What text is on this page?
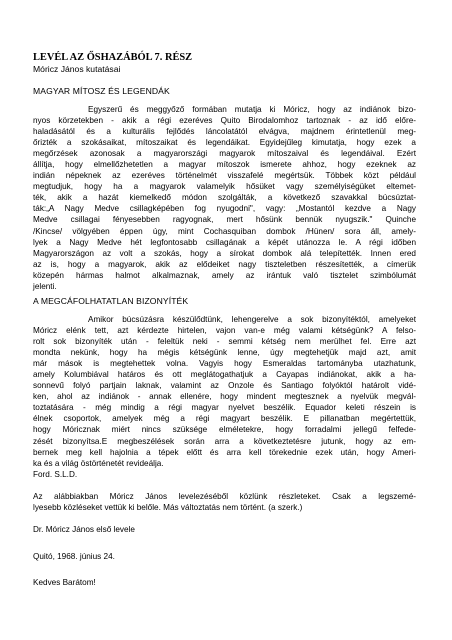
LEVÉL AZ ŐSHAZÁBÓL 7. RÉSZ
Móricz János kutatásai
MAGYAR MÍTOSZ ÉS LEGENDÁK
Egyszerű és meggyőző formában mutatja ki Móricz, hogy az indiánok bizo-
nyos körzetekben - akik a régi ezeréves Quito Birodalomhoz tartoznak - az idő előre-
haladásától és a kulturális fejlődés láncolatától elvágva, majdnem érintetlenül meg-
őrizték a szokásaikat, mítoszaikat és legendáikat. Egyidejűleg kimutatja, hogy ezek a
megőrzések azonosak a magyarországi magyarok mítoszaival és legendáival. Ezért
állítja, hogy elmellőzhetetlen a magyar mítoszok ismerete ahhoz, hogy ezeknek az
indián népeknek az ezeréves történelmét visszafelé megértsük. Többek közt például
megtudjuk, hogy ha a magyarok valamelyik hősüket vagy személyiségüket eltemet-
ték, akik a hazát kiemelkedő módon szolgálták, a következő szavakkal búcsúztat-
ták:„A Nagy Medve csillagképében fog nyugodni", vagy: „Mostantól kezdve a Nagy
Medve csillagai fényesebben ragyognak, mert hősünk bennük nyugszik." Quinche
/Kincse/ völgyében éppen úgy, mint Cochasquiban dombok /Hünen/ sora áll, amely-
lyek a Nagy Medve hét legfontosabb csillagának a képét utánozza le. A régi időben
Magyarországon az volt a szokás, hogy a sírokat dombok alá telepítették. Innen ered
az is, hogy a magyarok, akik az elődeiket nagy tiszteletben részesítették, a címerük
közepén hármas halmot alkalmaznak, amely az irántuk való tisztelet szimbólumát
jelenti.
A MEGCÁFOLHATATLAN BIZONYÍTÉK
Amikor búcsúzásra készülődtünk, lehengerelve a sok bizonyítéktól, amelyeket
Móricz elénk tett, azt kérdezte hirtelen, vajon van-e még valami kétségünk? A felso-
rolt sok bizonyíték után - feleltük neki - semmi kétség nem merülhet fel. Erre azt
mondta nekünk, hogy ha mégis kétségünk lenne, úgy megtehetjük majd azt, amit
már mások is megtehettek volna. Vagyis hogy Esmeraldas tartományba utazhatunk,
amely Kolumbiával határos és ott meglátogathatjuk a Cayapas indiánokat, akik a ha-
sonnevű folyó partjain laknak, valamint az Onzole és Santiago folyóktól határolt vidé-
ken, ahol az indiánok - annak ellenére, hogy mindent megtesznek a nyelvük megvál-
toztatására - még mindig a régi magyar nyelvet beszélik. Equador keleti részein is
élnek csoportok, amelyek még a régi magyart beszélik. E pillanatban megértettük,
hogy Móricznak miért nincs szüksége elméletekre, hogy forradalmi jellegű felfede-
zését bizonyítsa.E megbeszélések során arra a következtetésre jutunk, hogy az em-
bernek meg kell hajolnia a tépek előtt és arra kell törekednie ezek után, hogy Ameri-
ka és a világ östörténetét revideálja.
Ford. S.L.D.
Az alábbiakban Móricz János levelezéséből közlünk részleteket. Csak a legszemé-
lyesebb közléseket vettük ki belőle. Más változtatás nem történt. (a szerk.)
Dr. Móricz János első levele
Quitó, 1968. június 24.
Kedves Barátom!
